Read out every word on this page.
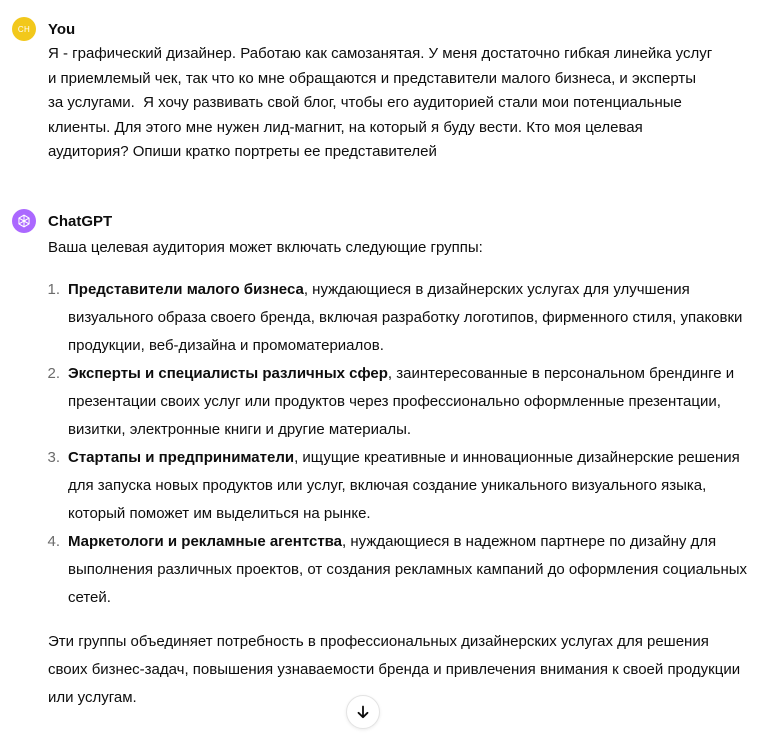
CH You

Я - графический дизайнер. Работаю как самозанятая. У меня достаточно гибкая линейка услуг
и приемлемый чек, так что ко мне обращаются и представители малого бизнеса, и эксперты
за услугами.  Я хочу развивать свой блог, чтобы его аудиторией стали мои потенциальные
клиенты. Для этого мне нужен лид-магнит, на который я буду вести. Кто моя целевая
аудитория? Опиши кратко портреты ее представителей

ChatGPT

Ваша целевая аудитория может включать следующие группы:

1. Представители малого бизнеса, нуждающиеся в дизайнерских услугах для улучшения визуального образа своего бренда, включая разработку логотипов, фирменного стиля, упаковки продукции, веб-дизайна и промоматериалов.
2. Эксперты и специалисты различных сфер, заинтересованные в персональном брендинге и презентации своих услуг или продуктов через профессионально оформленные презентации, визитки, электронные книги и другие материалы.
3. Стартапы и предприниматели, ищущие креативные и инновационные дизайнерские решения для запуска новых продуктов или услуг, включая создание уникального визуального языка, который поможет им выделиться на рынке.
4. Маркетологи и рекламные агентства, нуждающиеся в надежном партнере по дизайну для выполнения различных проектов, от создания рекламных кампаний до оформления социальных сетей.

Эти группы объединяет потребность в профессиональных дизайнерских услугах для решения своих бизнес-задач, повышения узнаваемости бренда и привлечения внимания к своей продукции или услугам.
